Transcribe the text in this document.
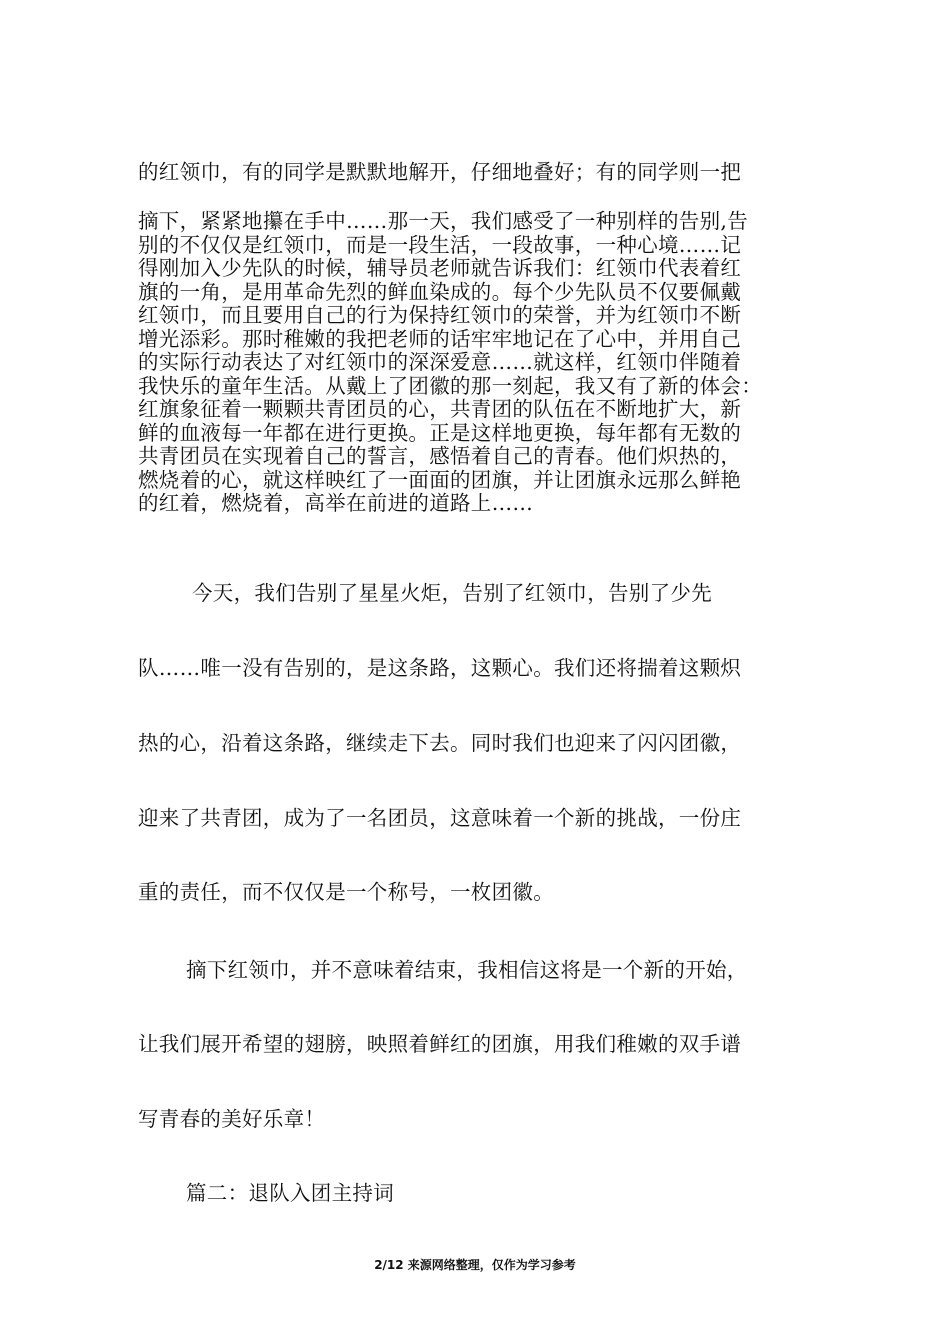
的红领巾，有的同学是默默地解开，仔细地叠好；有的同学则一把
摘下，紧紧地攥在手中……那一天，我们感受了一种别样的告别,告
别的不仅仅是红领巾，而是一段生活，一段故事，一种心境……记
得刚加入少先队的时候，辅导员老师就告诉我们：红领巾代表着红
旗的一角，是用革命先烈的鲜血染成的。每个少先队员不仅要佩戴
红领巾，而且要用自己的行为保持红领巾的荣誉，并为红领巾不断
增光添彩。那时稚嫩的我把老师的话牢牢地记在了心中，并用自己
的实际行动表达了对红领巾的深深爱意……就这样，红领巾伴随着
我快乐的童年生活。从戴上了团徽的那一刻起，我又有了新的体会：
红旗象征着一颗颗共青团员的心，共青团的队伍在不断地扩大，新
鲜的血液每一年都在进行更换。正是这样地更换，每年都有无数的
共青团员在实现着自己的誓言，感悟着自己的青春。他们炽热的，
燃烧着的心，就这样映红了一面面的团旗，并让团旗永远那么鲜艳
的红着，燃烧着，高举在前进的道路上……
今天，我们告别了星星火炬，告别了红领巾，告别了少先
队……唯一没有告别的，是这条路，这颗心。我们还将揣着这颗炽
热的心，沿着这条路，继续走下去。同时我们也迎来了闪闪团徽，
迎来了共青团，成为了一名团员，这意味着一个新的挑战，一份庄
重的责任，而不仅仅是一个称号，一枚团徽。
摘下红领巾，并不意味着结束，我相信这将是一个新的开始，
让我们展开希望的翅膀，映照着鲜红的团旗，用我们稚嫩的双手谱
写青春的美好乐章！
篇二：退队入团主持词
2/12 来源网络整理，仅作为学习参考
